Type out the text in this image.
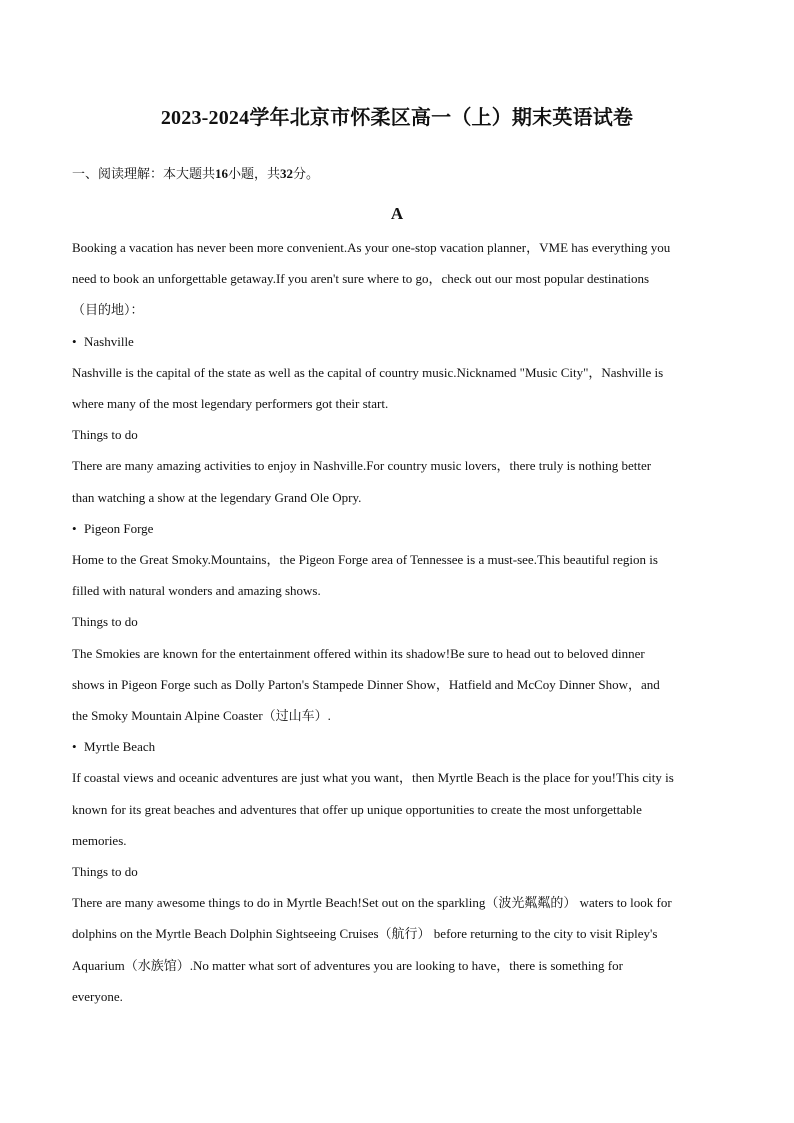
2023-2024学年北京市怀柔区高一（上）期末英语试卷
一、阅读理解：本大题共16小题，共32分。
A

Booking a vacation has never been more convenient.As your one-stop vacation planner，VME has everything you

need to book an unforgettable getaway.If you aren't sure where to go，check out our most popular destinations

（目的地）：

• Nashville

Nashville is the capital of the state as well as the capital of country music.Nicknamed "Music City"，Nashville is

where many of the most legendary performers got their start.

Things to do

There are many amazing activities to enjoy in Nashville.For country music lovers，there truly is nothing better

than watching a show at the legendary Grand Ole Opry.

• Pigeon Forge

Home to the Great Smoky.Mountains，the Pigeon Forge area of Tennessee is a must-see.This beautiful region is

filled with natural wonders and amazing shows.

Things to do

The Smokies are known for the entertainment offered within its shadow!Be sure to head out to beloved dinner

shows in Pigeon Forge such as Dolly Parton's Stampede Dinner Show，Hatfield and McCoy Dinner Show，and

the Smoky Mountain Alpine Coaster（过山车）.

• Myrtle Beach

If coastal views and oceanic adventures are just what you want，then Myrtle Beach is the place for you!This city is

known for its great beaches and adventures that offer up unique opportunities to create the most unforgettable

memories.

Things to do

There are many awesome things to do in Myrtle Beach!Set out on the sparkling（波光粼粼的） waters to look for

dolphins on the Myrtle Beach Dolphin Sightseeing Cruises（航行） before returning to the city to visit Ripley's

Aquarium（水族馆）.No matter what sort of adventures you are looking to have，there is something for

everyone.
